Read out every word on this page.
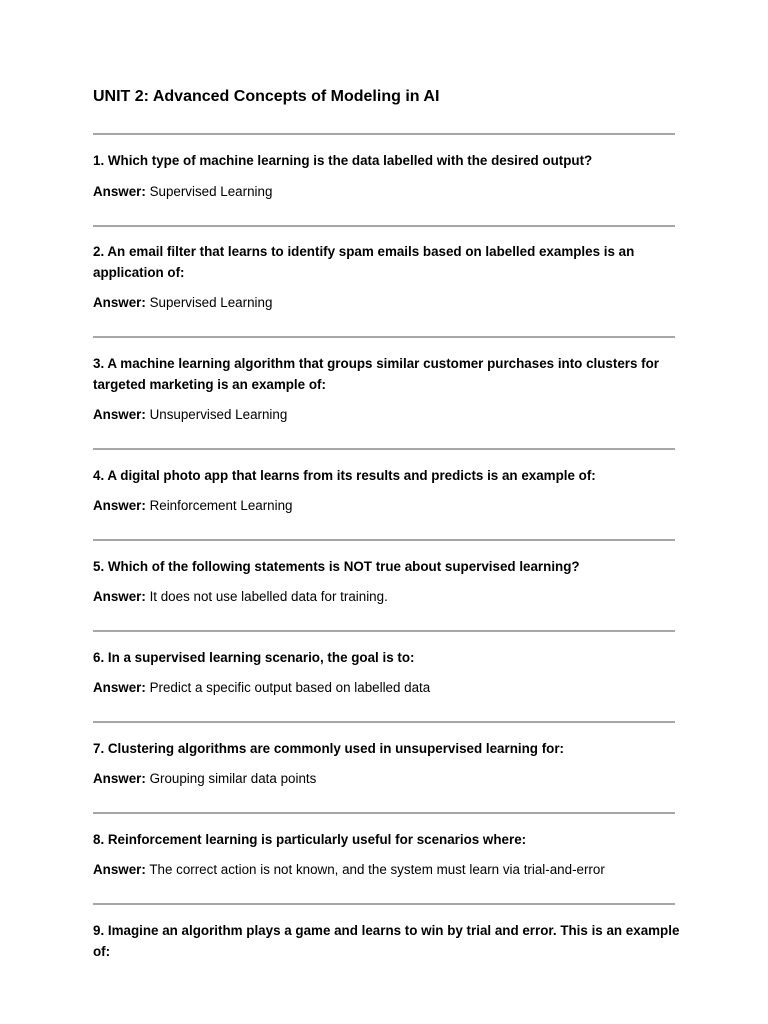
UNIT 2: Advanced Concepts of Modeling in AI
1. Which type of machine learning is the data labelled with the desired output?
Answer: Supervised Learning
2. An email filter that learns to identify spam emails based on labelled examples is an application of:
Answer: Supervised Learning
3. A machine learning algorithm that groups similar customer purchases into clusters for targeted marketing is an example of:
Answer: Unsupervised Learning
4. A digital photo app that learns from its results and predicts is an example of:
Answer: Reinforcement Learning
5. Which of the following statements is NOT true about supervised learning?
Answer: It does not use labelled data for training.
6. In a supervised learning scenario, the goal is to:
Answer: Predict a specific output based on labelled data
7. Clustering algorithms are commonly used in unsupervised learning for:
Answer: Grouping similar data points
8. Reinforcement learning is particularly useful for scenarios where:
Answer: The correct action is not known, and the system must learn via trial-and-error
9. Imagine an algorithm plays a game and learns to win by trial and error. This is an example of:
